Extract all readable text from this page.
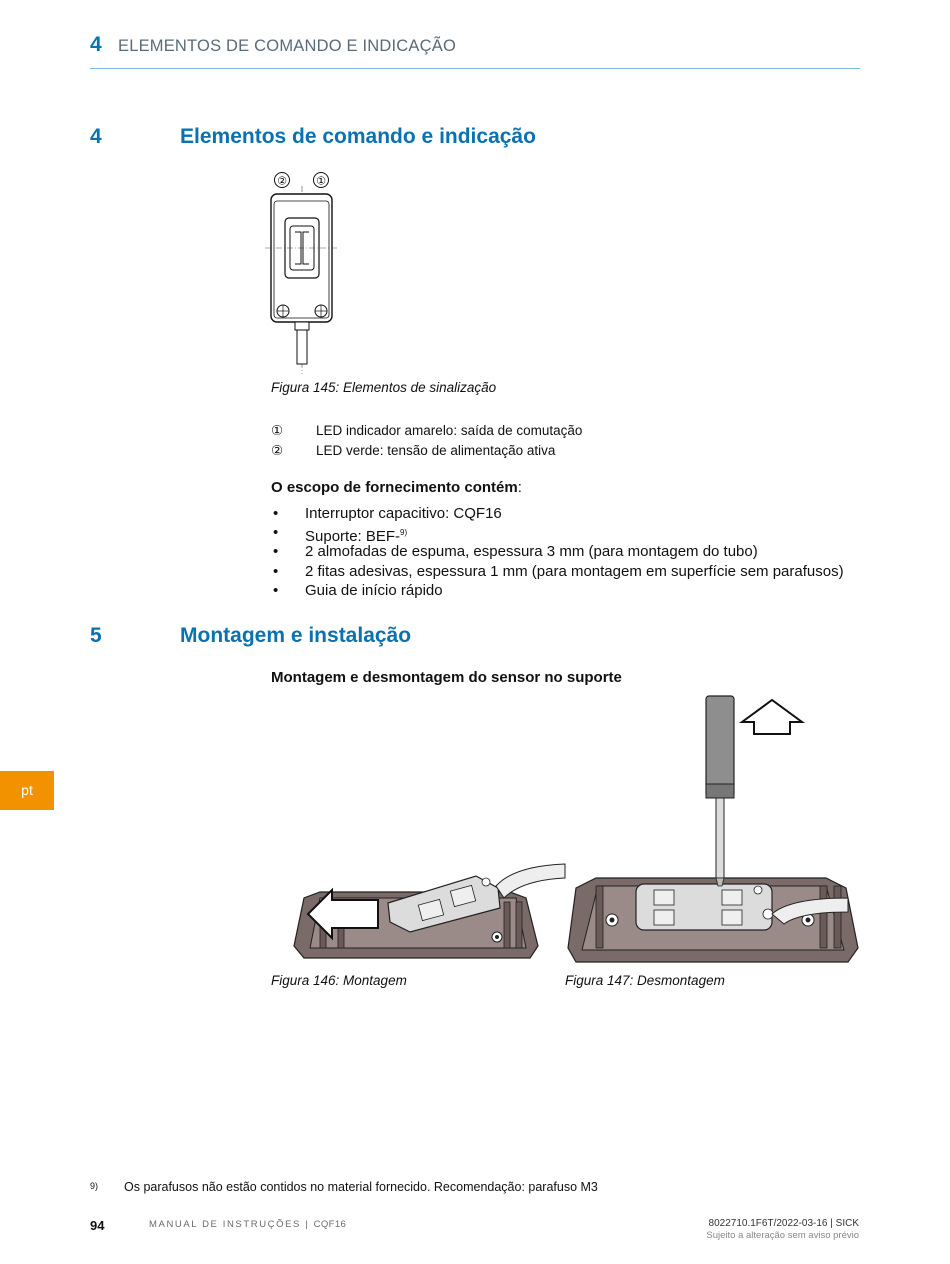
4 ELEMENTOS DE COMANDO E INDICAÇÃO
4	Elementos de comando e indicação
②	①
Figura 145: Elementos de sinalização
① LED indicador amarelo: saída de comutação
② LED verde: tensão de alimentação ativa
O escopo de fornecimento contém:
• Interruptor capacitivo: CQF16
• Suporte: BEF-$^{9)}$
• 2 almofadas de espuma, espessura 3 mm (para montagem do tubo)
• 2 fitas adesivas, espessura 1 mm (para montagem em superfície sem parafusos)
• Guia de início rápido
5	Montagem e instalação
Montagem e desmontagem do sensor no suporte
Figura 146: Montagem	Figura 147: Desmontagem
pt
9) Os parafusos não estão contidos no material fornecido. Recomendação: parafuso M3
94	MANUAL DE INSTRUÇÕES | CQF16	8022710.1F6T/2022-03-16 | SICK
Sujeito a alteração sem aviso prévio
